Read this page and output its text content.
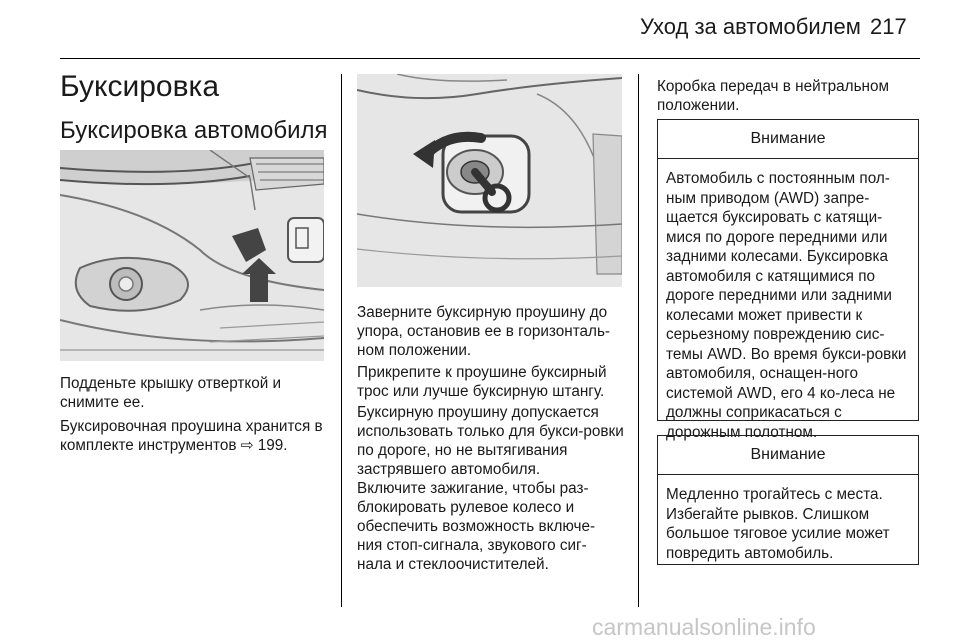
Уход за автомобилем 217
Буксировка
Буксировка автомобиля

Подденьте крышку отверткой и снимите ее.

Буксировочная проушина хранится в комплекте инструментов ⇨ 199.

Заверните буксирную проушину до упора, остановив ее в горизонталь-ном положении.

Прикрепите к проушине буксирный трос или лучше буксирную штангу.

Буксирную проушину допускается использовать только для букси-ровки по дороге, но не вытягивания застрявшего автомобиля.

Включите зажигание, чтобы раз-блокировать рулевое колесо и обеспечить возможность включе-ния стоп-сигнала, звукового сиг-нала и стеклоочистителей.

Коробка передач в нейтральном положении.

Внимание
Автомобиль с постоянным пол-ным приводом (AWD) запре-щается буксировать с катящи-мися по дороге передними или задними колесами. Буксировка автомобиля с катящимися по дороге передними или задними колесами может привести к серьезному повреждению сис-темы AWD. Во время букси-ровки автомобиля, оснащен-ного системой AWD, его 4 ко-леса не должны соприкасаться с дорожным полотном.
Внимание
Медленно трогайтесь с места. Избегайте рывков. Слишком большое тяговое усилие может повредить автомобиль.
carmanualsonline.info
